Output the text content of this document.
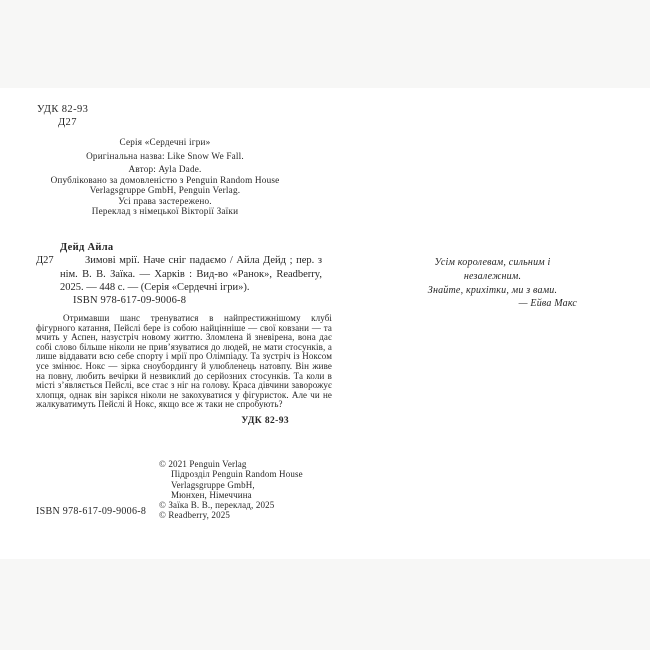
УДК 82-93
Д27
Серія «Сердечні ігри»
Оригінальна назва: Like Snow We Fall.
Автор: Ayla Dade.
Опубліковано за домовленістю з Penguin Random House
Verlagsgruppe GmbH, Penguin Verlag.
Усі права застережено.
Переклад з німецької Вікторії Заїки
Дейд Айла
Д27	Зимові мрії. Наче сніг падаємо / Айла Дейд ; пер. з нім. В. В. Заїка. — Харків : Вид-во «Ранок», Readberry, 2025. — 448 с. — (Серія «Сердечні ігри»).

ISBN 978-617-09-9006-8

Отримавши шанс тренуватися в найпрестижнішому клубі фігурного катання, Пейслі бере із собою найцінніше — свої ковзани — та мчить у Аспен, назустріч новому життю. Зломлена й зневірена, вона дає собі слово більше ніколи не прив’язуватися до людей, не мати стосунків, а лише віддавати всю себе спорту і мрії про Олімпіаду. Та зустріч із Ноксом усе змінює. Нокс — зірка сноубордингу й улюбленець натовпу. Він живе на повну, любить вечірки й незвиклий до серйозних стосунків. Та коли в місті з’являється Пейслі, все стає з ніг на голову. Краса дівчини заворожує хлопця, однак він зарікся ніколи не закохуватися у фігуристок. Але чи не жалкуватимуть Пейслі й Нокс, якщо все ж таки не спробують?

УДК 82-93
© 2021 Penguin Verlag
Підрозділ Penguin Random House
Verlagsgruppe GmbH,
Мюнхен, Німеччина
© Заїка В. В., переклад, 2025
© Readberry, 2025
ISBN 978-617-09-9006-8
Усім королевам, сильним і незалежним.
Знайте, крихітки, ми з вами.
— Ейва Макс
